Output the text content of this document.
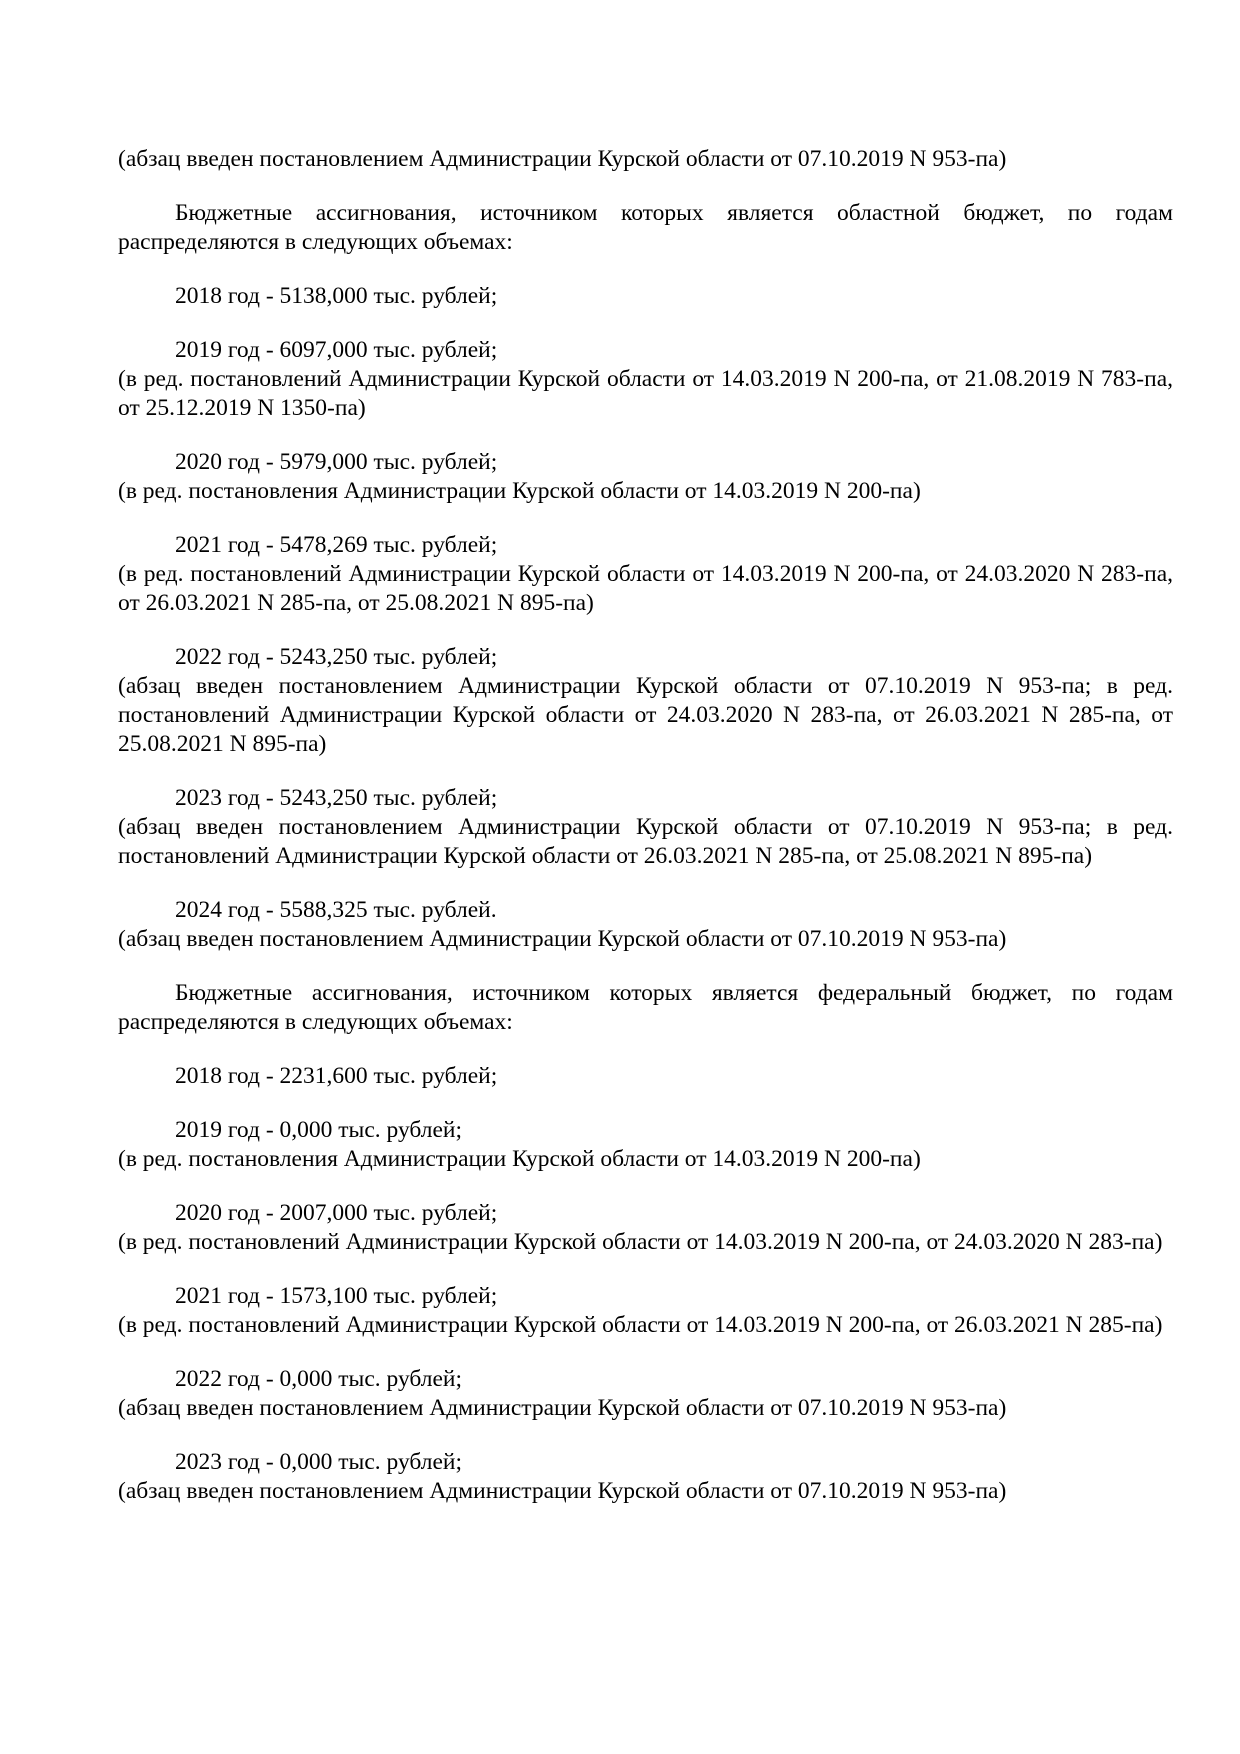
(абзац введен постановлением Администрации Курской области от 07.10.2019 N 953-па)
Бюджетные ассигнования, источником которых является областной бюджет, по годам распределяются в следующих объемах:
2018 год - 5138,000 тыс. рублей;
2019 год - 6097,000 тыс. рублей;
(в ред. постановлений Администрации Курской области от 14.03.2019 N 200-па, от 21.08.2019 N 783-па, от 25.12.2019 N 1350-па)
2020 год - 5979,000 тыс. рублей;
(в ред. постановления Администрации Курской области от 14.03.2019 N 200-па)
2021 год - 5478,269 тыс. рублей;
(в ред. постановлений Администрации Курской области от 14.03.2019 N 200-па, от 24.03.2020 N 283-па, от 26.03.2021 N 285-па, от 25.08.2021 N 895-па)
2022 год - 5243,250 тыс. рублей;
(абзац введен постановлением Администрации Курской области от 07.10.2019 N 953-па; в ред. постановлений Администрации Курской области от 24.03.2020 N 283-па, от 26.03.2021 N 285-па, от 25.08.2021 N 895-па)
2023 год - 5243,250 тыс. рублей;
(абзац введен постановлением Администрации Курской области от 07.10.2019 N 953-па; в ред. постановлений Администрации Курской области от 26.03.2021 N 285-па, от 25.08.2021 N 895-па)
2024 год - 5588,325 тыс. рублей.
(абзац введен постановлением Администрации Курской области от 07.10.2019 N 953-па)
Бюджетные ассигнования, источником которых является федеральный бюджет, по годам распределяются в следующих объемах:
2018 год - 2231,600 тыс. рублей;
2019 год - 0,000 тыс. рублей;
(в ред. постановления Администрации Курской области от 14.03.2019 N 200-па)
2020 год - 2007,000 тыс. рублей;
(в ред. постановлений Администрации Курской области от 14.03.2019 N 200-па, от 24.03.2020 N 283-па)
2021 год - 1573,100 тыс. рублей;
(в ред. постановлений Администрации Курской области от 14.03.2019 N 200-па, от 26.03.2021 N 285-па)
2022 год - 0,000 тыс. рублей;
(абзац введен постановлением Администрации Курской области от 07.10.2019 N 953-па)
2023 год - 0,000 тыс. рублей;
(абзац введен постановлением Администрации Курской области от 07.10.2019 N 953-па)
